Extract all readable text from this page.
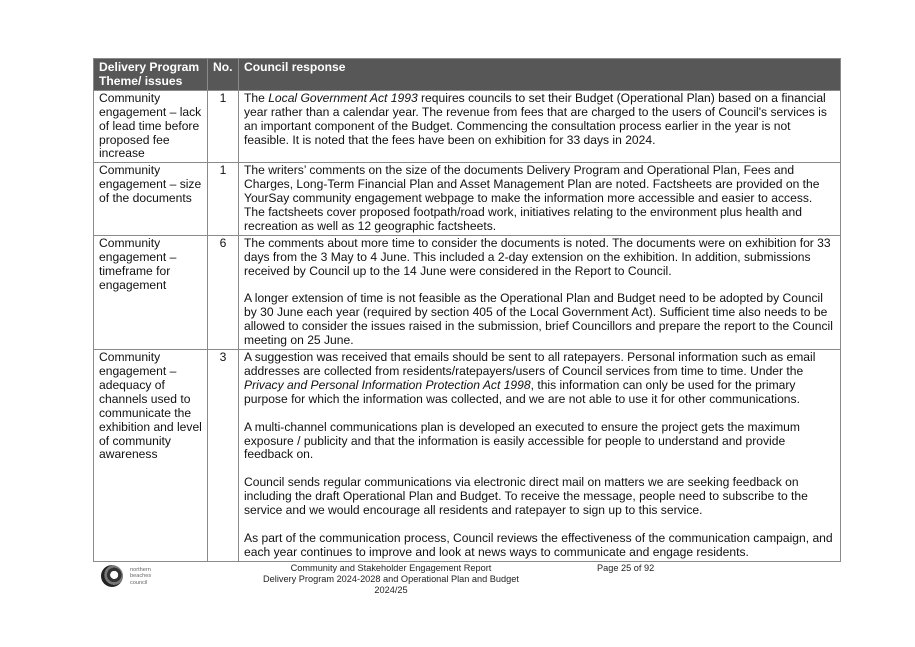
Delivery Program Theme/ issues	No.	Council response
Community engagement – lack of lead time before proposed fee increase	1	The Local Government Act 1993 requires councils to set their Budget (Operational Plan) based on a financial year rather than a calendar year. The revenue from fees that are charged to the users of Council's services is an important component of the Budget. Commencing the consultation process earlier in the year is not feasible. It is noted that the fees have been on exhibition for 33 days in 2024.

Community engagement – size of the documents	1	The writers’ comments on the size of the documents Delivery Program and Operational Plan, Fees and Charges, Long-Term Financial Plan and Asset Management Plan are noted. Factsheets are provided on the YourSay community engagement webpage to make the information more accessible and easier to access. The factsheets cover proposed footpath/road work, initiatives relating to the environment plus health and recreation as well as 12 geographic factsheets.

Community engagement – timeframe for engagement	6	The comments about more time to consider the documents is noted. The documents were on exhibition for 33 days from the 3 May to 4 June. This included a 2-day extension on the exhibition. In addition, submissions received by Council up to the 14 June were considered in the Report to Council.

A longer extension of time is not feasible as the Operational Plan and Budget need to be adopted by Council by 30 June each year (required by section 405 of the Local Government Act). Sufficient time also needs to be allowed to consider the issues raised in the submission, brief Councillors and prepare the report to the Council meeting on 25 June.

Community engagement – adequacy of channels used to communicate the exhibition and level of community awareness	3	A suggestion was received that emails should be sent to all ratepayers. Personal information such as email addresses are collected from residents/ratepayers/users of Council services from time to time. Under the Privacy and Personal Information Protection Act 1998, this information can only be used for the primary purpose for which the information was collected, and we are not able to use it for other communications.

A multi-channel communications plan is developed an executed to ensure the project gets the maximum exposure / publicity and that the information is easily accessible for people to understand and provide feedback on.

Council sends regular communications via electronic direct mail on matters we are seeking feedback on including the draft Operational Plan and Budget. To receive the message, people need to subscribe to the service and we would encourage all residents and ratepayer to sign up to this service.

As part of the communication process, Council reviews the effectiveness of the communication campaign, and each year continues to improve and look at news ways to communicate and engage residents.

northern
beaches
council
Community and Stakeholder Engagement Report
Delivery Program 2024-2028 and Operational Plan and Budget 2024/25
Page 25 of 92
